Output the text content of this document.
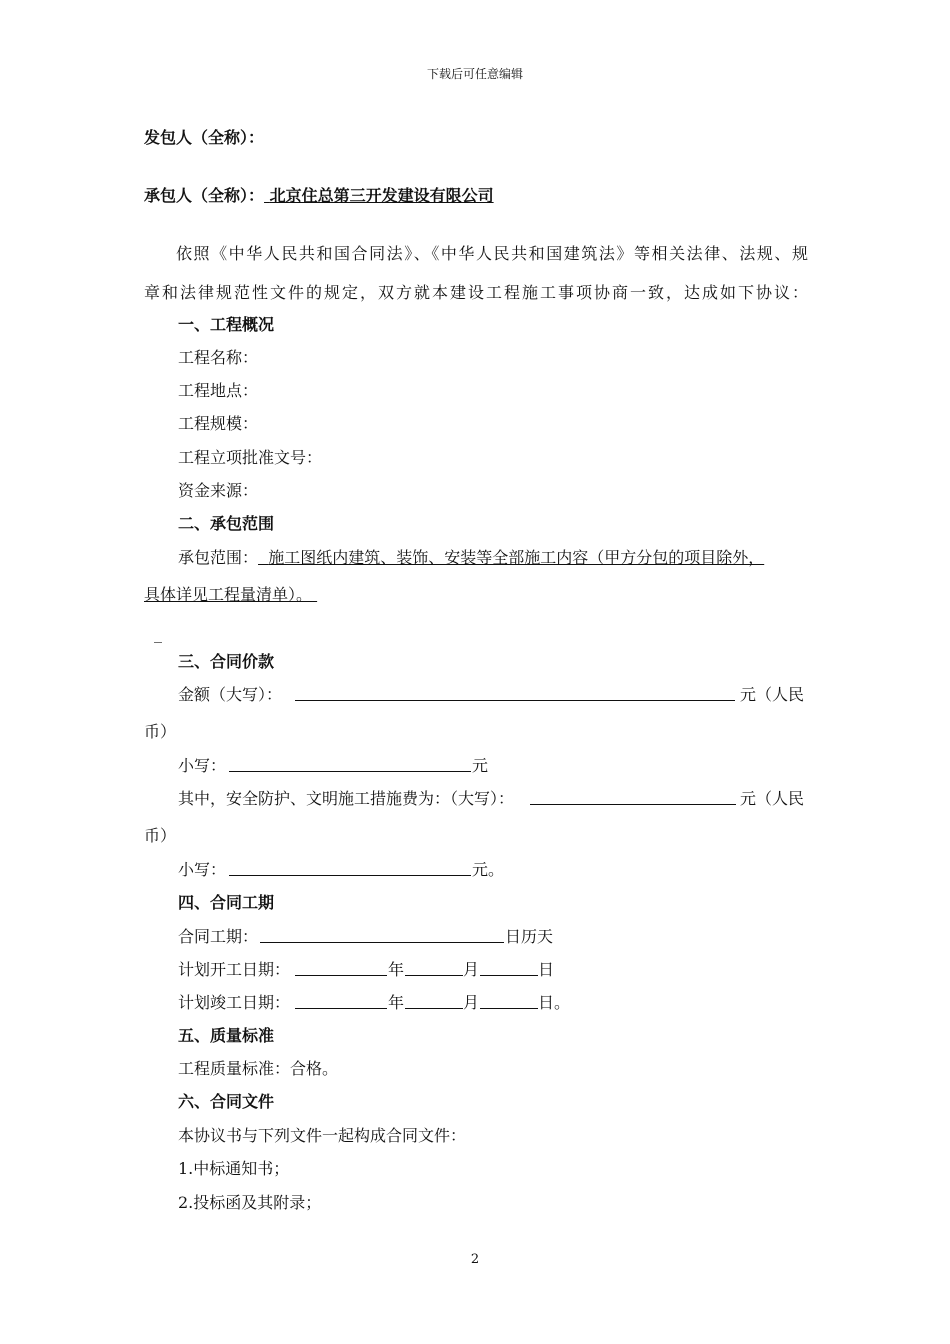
下载后可任意编辑
发包人（全称）：
承包人（全称）： 北京住总第三开发建设有限公司
依照《中华人民共和国合同法》、《中华人民共和国建筑法》等相关法律、法规、规
章和法律规范性文件的规定，双方就本建设工程施工事项协商一致，达成如下协议：
一、工程概况
工程名称：
工程地点：
工程规模：
工程立项批准文号：
资金来源：
二、承包范围
承包范围： 施工图纸内建筑、装饰、安装等全部施工内容（甲方分包的项目除外，
具体详见工程量清单）。
_
三、合同价款
金额（大写）：	元（人民
币）
小写：	元
其中，安全防护、文明施工措施费为：（大写）：	元（人民
币）
小写：	元。
四、合同工期
合同工期：	日历天
计划开工日期：	年	月	日
计划竣工日期：	年	月	日。
五、质量标准
工程质量标准：合格。
六、合同文件
本协议书与下列文件一起构成合同文件：
1.中标通知书；
2.投标函及其附录；
2
